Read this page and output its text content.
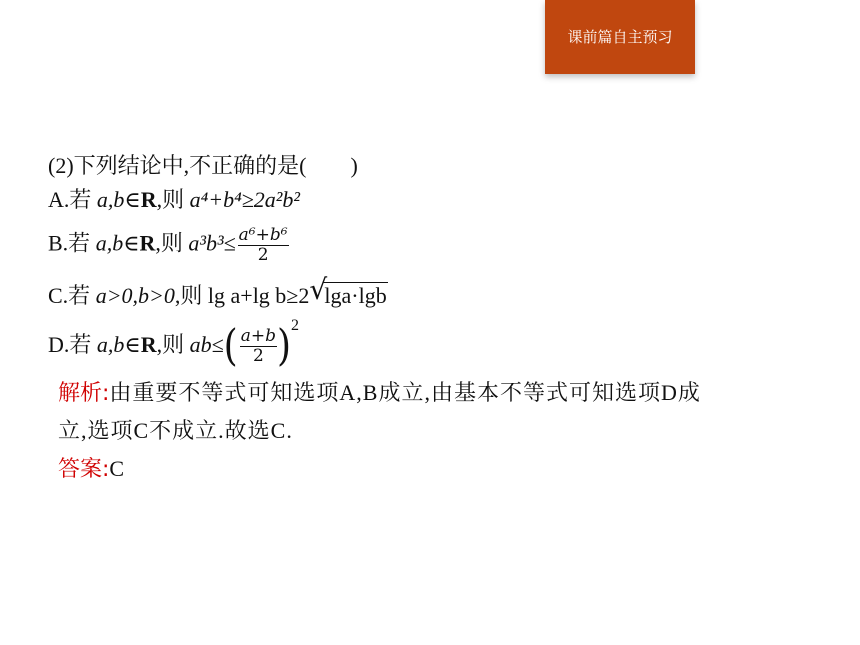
课前篇自主预习
(2)下列结论中,不正确的是(　　)
A.若 a,b∈R,则 a⁴+b⁴≥2a²b²
B.若 a,b∈R,则 $a^3b^3\le \frac{\text{a⁶+b⁶}}{2}$
C.若 a>0,b>0,则 lg a+lg b≥2 √
lga·lgb
D.若 a,b∈R,则 $ab\le( \frac{a+b}{2} )^2$
解析:由重要不等式可知选项A,B成立,由基本不等式可知选项D成
立,选项C不成立.故选C.
答案:C
